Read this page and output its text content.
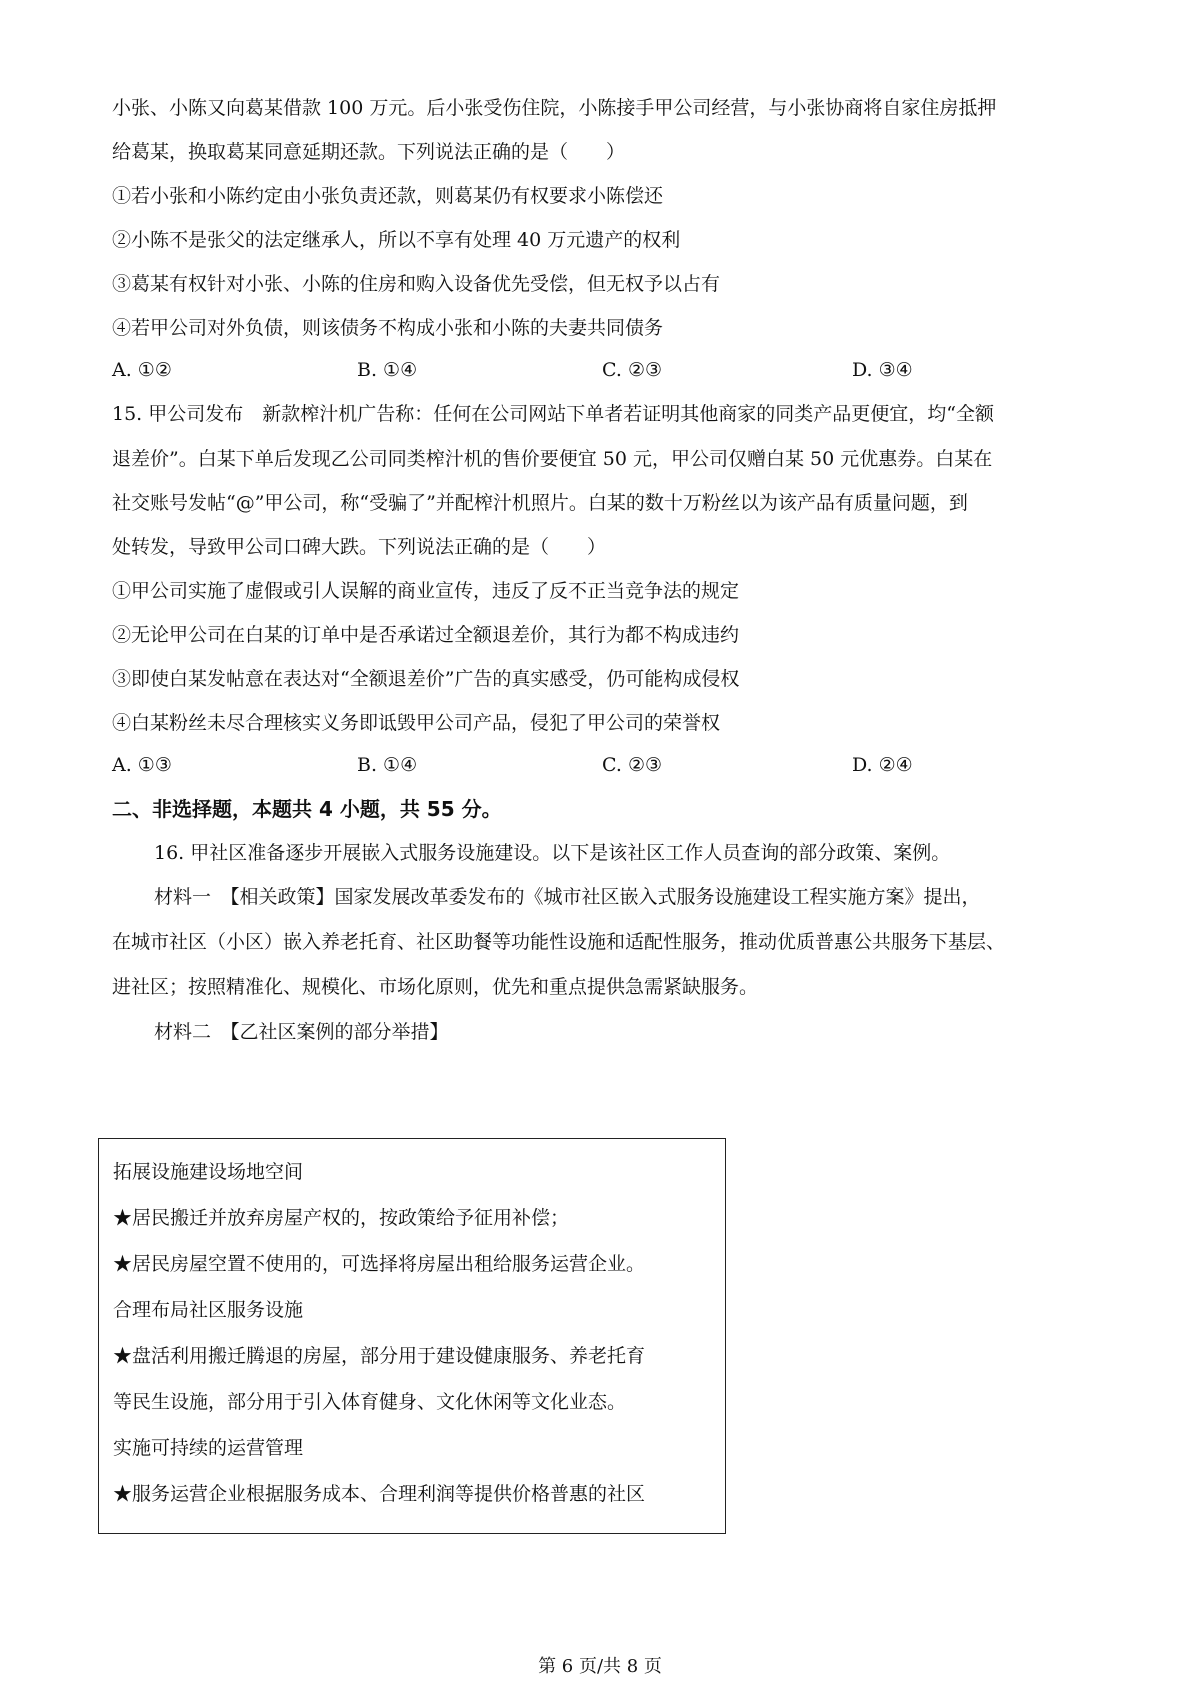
小张、小陈又向葛某借款 100 万元。后小张受伤住院，小陈接手甲公司经营，与小张协商将自家住房抵押
给葛某，换取葛某同意延期还款。下列说法正确的是（　　）
①若小张和小陈约定由小张负责还款，则葛某仍有权要求小陈偿还
②小陈不是张父的法定继承人，所以不享有处理 40 万元遗产的权利
③葛某有权针对小张、小陈的住房和购入设备优先受偿，但无权予以占有
④若甲公司对外负债，则该债务不构成小张和小陈的夫妻共同债务
A. ①②	B. ①④	C. ②③	D. ③④
15. 甲公司发布　新款榨汁机广告称：任何在公司网站下单者若证明其他商家的同类产品更便宜，均“全额
退差价”。白某下单后发现乙公司同类榨汁机的售价要便宜 50 元，甲公司仅赠白某 50 元优惠券。白某在
社交账号发帖“@”甲公司，称“受骗了”并配榨汁机照片。白某的数十万粉丝以为该产品有质量问题，到
处转发，导致甲公司口碑大跌。下列说法正确的是（　　）
①甲公司实施了虚假或引人误解的商业宣传，违反了反不正当竞争法的规定
②无论甲公司在白某的订单中是否承诺过全额退差价，其行为都不构成违约
③即使白某发帖意在表达对“全额退差价”广告的真实感受，仍可能构成侵权
④白某粉丝未尽合理核实义务即诋毁甲公司产品，侵犯了甲公司的荣誉权
A. ①③	B. ①④	C. ②③	D. ②④
二、非选择题，本题共 4 小题，共 55 分。
16. 甲社区准备逐步开展嵌入式服务设施建设。以下是该社区工作人员查询的部分政策、案例。
材料一　【相关政策】国家发展改革委发布的《城市社区嵌入式服务设施建设工程实施方案》提出，
在城市社区（小区）嵌入养老托育、社区助餐等功能性设施和适配性服务，推动优质普惠公共服务下基层、
进社区；按照精准化、规模化、市场化原则，优先和重点提供急需紧缺服务。
材料二　【乙社区案例的部分举措】
拓展设施建设场地空间
★居民搬迁并放弃房屋产权的，按政策给予征用补偿；
★居民房屋空置不使用的，可选择将房屋出租给服务运营企业。
合理布局社区服务设施
★盘活利用搬迁腾退的房屋，部分用于建设健康服务、养老托育
等民生设施，部分用于引入体育健身、文化休闲等文化业态。
实施可持续的运营管理
★服务运营企业根据服务成本、合理利润等提供价格普惠的社区
第 6 页/共 8 页
